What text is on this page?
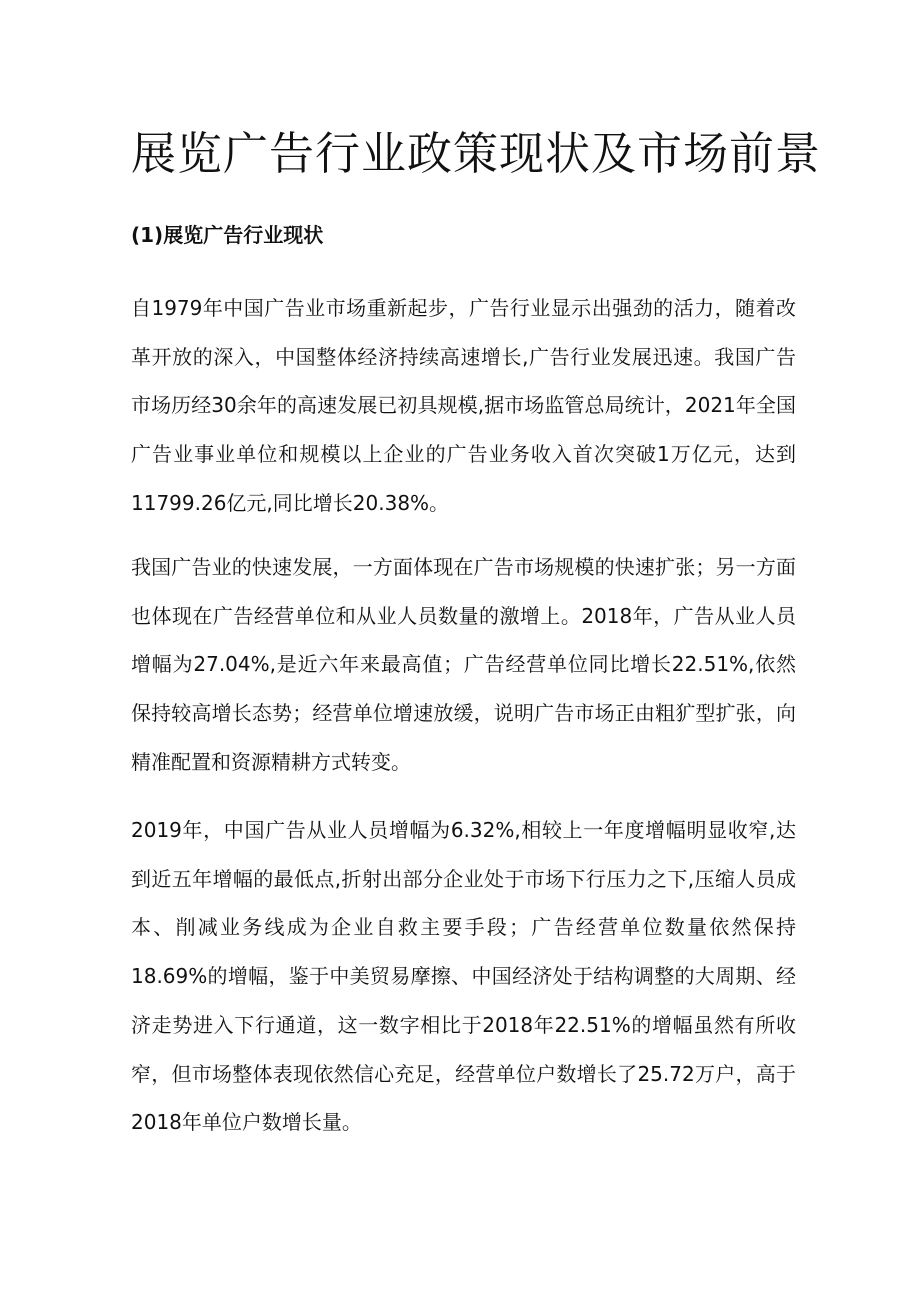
展览广告行业政策现状及市场前景
(1)展览广告行业现状

自1979年中国广告业市场重新起步，广告行业显示出强劲的活力，随着改革开放的深入，中国整体经济持续高速增长,广告行业发展迅速。我国广告市场历经30余年的高速发展已初具规模,据市场监管总局统计，2021年全国广告业事业单位和规模以上企业的广告业务收入首次突破1万亿元，达到11799.26亿元,同比增长20.38%。

我国广告业的快速发展，一方面体现在广告市场规模的快速扩张；另一方面也体现在广告经营单位和从业人员数量的激增上。2018年，广告从业人员增幅为27.04%,是近六年来最高值；广告经营单位同比增长22.51%,依然保持较高增长态势；经营单位增速放缓，说明广告市场正由粗犷型扩张，向精准配置和资源精耕方式转变。

2019年，中国广告从业人员增幅为6.32%,相较上一年度增幅明显收窄,达到近五年增幅的最低点,折射出部分企业处于市场下行压力之下,压缩人员成本、削减业务线成为企业自救主要手段；广告经营单位数量依然保持18.69%的增幅，鉴于中美贸易摩擦、中国经济处于结构调整的大周期、经济走势进入下行通道，这一数字相比于2018年22.51%的增幅虽然有所收窄，但市场整体表现依然信心充足，经营单位户数增长了25.72万户，高于2018年单位户数增长量。
